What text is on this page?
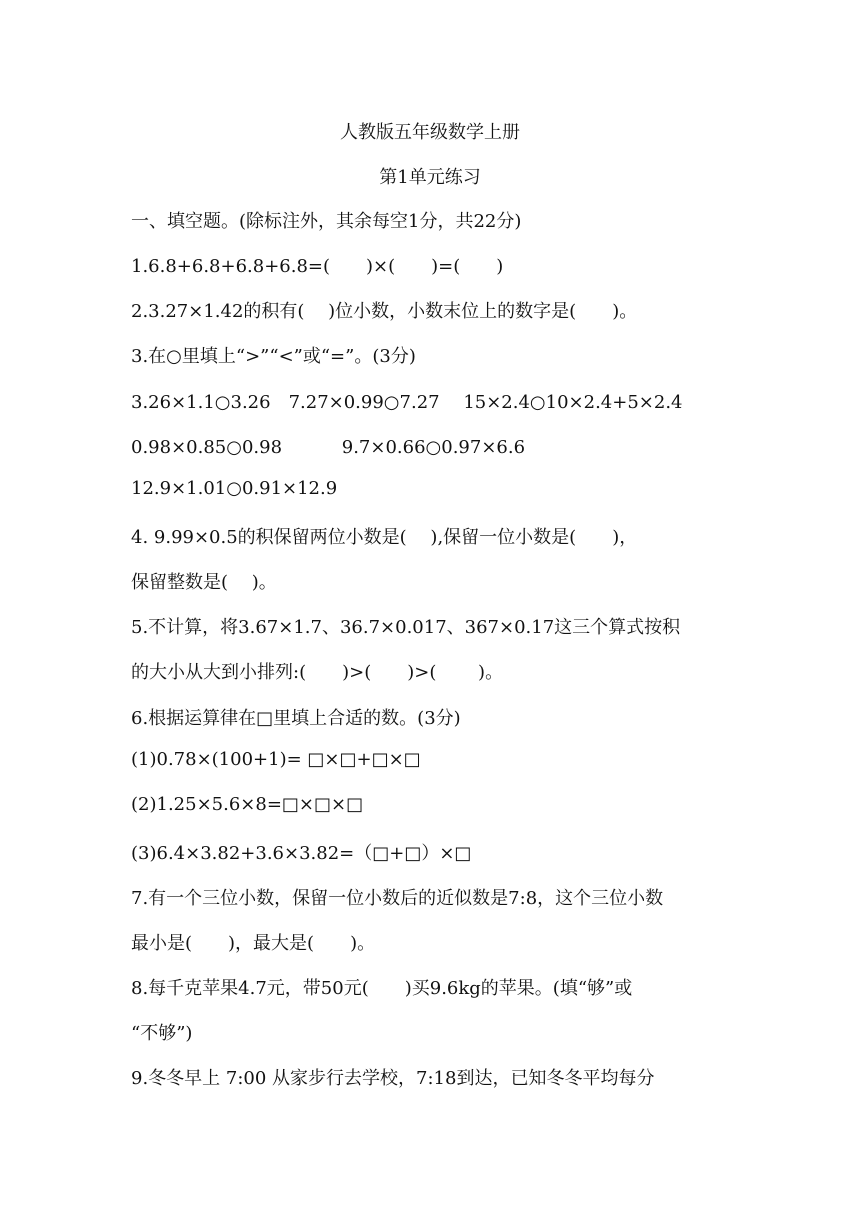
人教版五年级数学上册
第1单元练习
一、填空题。(除标注外，其余每空1分，共22分)
1.6.8+6.8+6.8+6.8=(　　)×(　　)=(　　)
2.3.27×1.42的积有(　 )位小数，小数末位上的数字是(　　)。
3.在○里填上“>”“<”或“=”。(3分)
3.26×1.1○3.26　7.27×0.99○7.27　 15×2.4○10×2.4+5×2.4
0.98×0.85○0.98　　　 9.7×0.66○0.97×6.6
12.9×1.01○0.91×12.9
4. 9.99×0.5的积保留两位小数是(　 ),保留一位小数是(　　)，
保留整数是(　 )。
5.不计算，将3.67×1.7、36.7×0.017、367×0.17这三个算式按积
的大小从大到小排列:(　　)>(　　)>(　　 )。
6.根据运算律在□里填上合适的数。(3分)
(1)0.78×(100+1)= □×□+□×□
(2)1.25×5.6×8=□×□×□
(3)6.4×3.82+3.6×3.82=（□+□）×□
7.有一个三位小数，保留一位小数后的近似数是7:8，这个三位小数
最小是(　　)，最大是(　　)。
8.每千克苹果4.7元，带50元(　　)买9.6kg的苹果。(填“够”或
“不够”)
9.冬冬早上 7:00 从家步行去学校，7:18到达，已知冬冬平均每分
